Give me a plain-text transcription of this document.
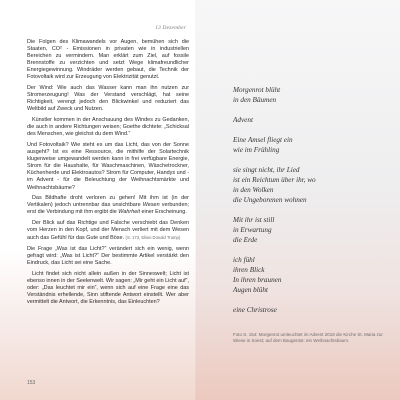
13 Dezember

Die Folgen des Klimawandels vor Augen, bemühen sich die Staaten, CO² - Emissionen in privaten wie in industriellen Bereichen zu vermindern. Man erklärt zum Ziel, auf fossile Brennstoffe zu verzichten und setzt Wege klimafreundlicher Energiegewinnung. Windräder werden gebaut, die Technik der Fotovoltaik wird zur Erzeugung von Elektrizität genutzt.

Der Wind: Wie auch das Wasser kann man ihn nutzen zur Stromerzeugung! Was der Verstand verschlägt, hat seine Richtigkeit, verengt jedoch den Blickwinkel und reduziert das Weltbild auf Zweck und Nutzen.

Künstler kommen in der Anschauung des Windes zu Gedanken, die auch in andere Richtungen weisen; Goethe dichtete: „Schicksal des Menschen, wie gleichst du dem Wind.“

Und Fotovoltaik? Wie steht es um das Licht, das von der Sonne ausgeht? Ist es eine Ressource, die mithilfe der Solartechnik klugerweise umgewandelt werden kann in frei verfügbare Energie, Strom für die Haushalte, für Waschmaschinen, Wäschetrockner, Küchenherde und Elektroautos? Strom für Computer, Handys und - im Advent - für die Beleuchtung der Weihnachtsmärkte und Weihnachtsbäume?

Das Bildhafte droht verloren zu gehen! Mit ihm ist (in der Vertikalen) jedoch untrennbar das unsichtbare Wesen verbunden; erst die Verbindung mit ihm ergibt die Wahrheit einer Erscheinung.

Der Blick auf das Richtige und Falsche verschiebt das Denken vom Herzen in den Kopf, und der Mensch verliert mit dem Wesen auch das Gefühl für das Gute und Böse. (S. 173, Elisei Donald Trump)

Die Frage „Was ist das Licht?“ verändert sich ein wenig, wenn gefragt wird: „Was ist Licht?“ Der bestimmte Artikel verstärkt den Eindruck, das Licht sei eine Sache.

Licht findet sich nicht allein außen in der Sinneswelt; Licht ist ebenso innen in der Seelenwelt. Wir sagen: „Mir geht ein Licht auf“, oder: „Das leuchtet mir ein“, wenn sich auf eine Frage eine das Verständnis erhellende, Sinn stiftende Antwort einstellt. Wer aber vermittelt die Antwort, die Erkenntnis, das Einleuchten?

153
Morgenrot blüht
in den Bäumen
Advent
Eine Amsel fliegt ein
wie im Frühling
sie singt nicht, ihr Lied
ist ein Reichtum über ihr, wo
in den Wolken
die Ungeborenen wohnen
Mit ihr ist still
in Erwartung
die Erde
ich fühl
ihren Blick
In ihren braunen
Augen blüht
eine Christrose
Foto S. 154: Morgenrot umleuchtet im Advent 2018 die Kirche St. Maria zur Wiese in Soest; auf dem Baugerüst: ein Weihnachtsbaum.
